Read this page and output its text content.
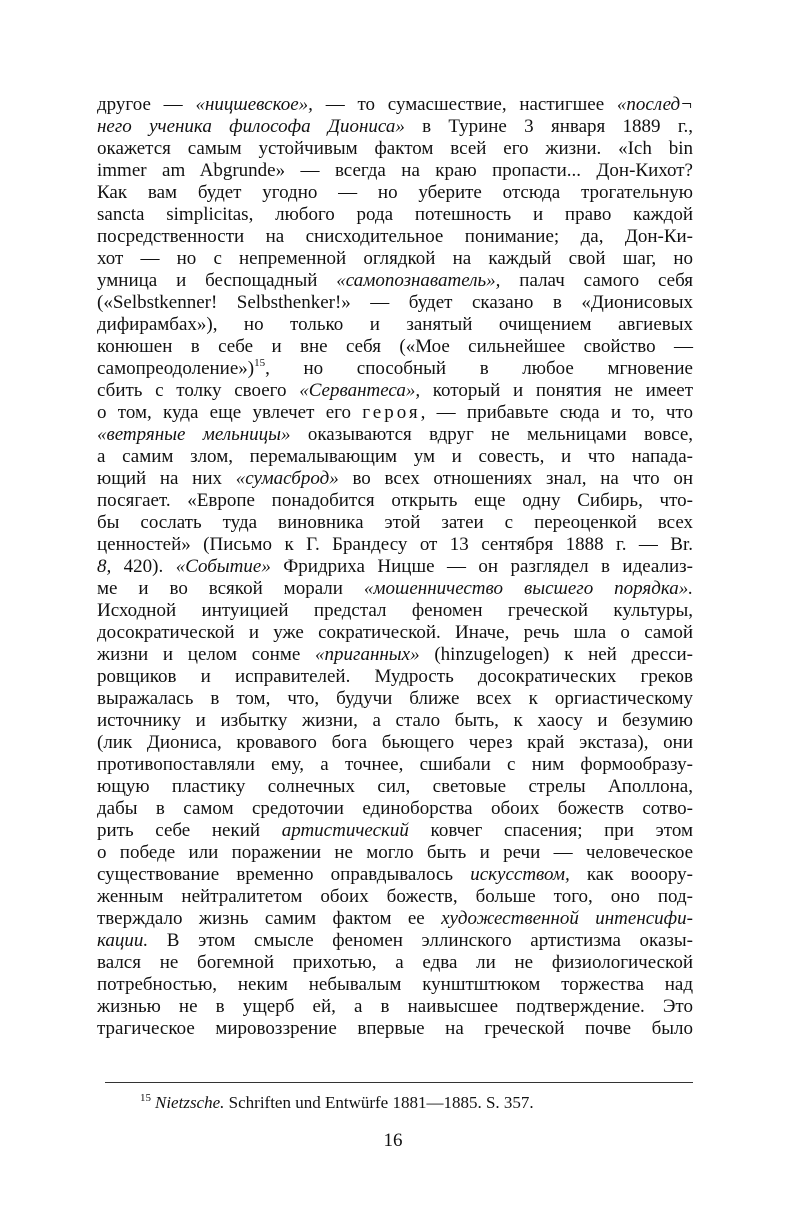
другое — «ницшевское», — то сумасшествие, настигшее «послед¬
него ученика философа Диониса» в Турине 3 января 1889 г.,
окажется самым устойчивым фактом всей его жизни. «Ich bin
immer am Abgrunde» — всегда на краю пропасти... Дон-Кихот?
Как вам будет угодно — но уберите отсюда трогательную
sancta simplicitas, любого рода потешность и право каждой
посредственности на снисходительное понимание; да, Дон-Ки-
хот — но с непременной оглядкой на каждый свой шаг, но
умница и беспощадный «самопознаватель», палач самого себя
(«Selbstkenner! Selbsthenker!» — будет сказано в «Дионисовых
дифирамбах»), но только и занятый очищением авгиевых
конюшен в себе и вне себя («Мое сильнейшее свойство —
самопреодоление»)$^{15}$, но способный в любое мгновение
сбить с толку своего «Сервантеса», который и понятия не имеет
о том, куда еще увлечет его героя, — прибавьте сюда и то, что
«ветряные мельницы» оказываются вдруг не мельницами вовсе,
а самим злом, перемалывающим ум и совесть, и что напада-
ющий на них «сумасброд» во всех отношениях знал, на что он
посягает. «Европе понадобится открыть еще одну Сибирь, что-
бы сослать туда виновника этой затеи с переоценкой всех
ценностей» (Письмо к Г. Брандесу от 13 сентября 1888 г. — Br.
8, 420). «Событие» Фридриха Ницше — он разглядел в идеализ-
ме и во всякой морали «мошенничество высшего порядка».
Исходной интуицией предстал феномен греческой культуры,
досократической и уже сократической. Иначе, речь шла о самой
жизни и целом сонме «приганных» (hinzugelogen) к ней дресси-
ровщиков и исправителей. Мудрость досократических греков
выражалась в том, что, будучи ближе всех к оргиастическому
источнику и избытку жизни, а стало быть, к хаосу и безумию
(лик Диониса, кровавого бога бьющего через край экстаза), они
противопоставляли ему, а точнее, сшибали с ним формообразу-
ющую пластику солнечных сил, световые стрелы Аполлона,
дабы в самом средоточии единоборства обоих божеств сотво-
рить себе некий артистический ковчег спасения; при этом
о победе или поражении не могло быть и речи — человеческое
существование временно оправдывалось искусством, как вооору-
женным нейтралитетом обоих божеств, больше того, оно под-
тверждало жизнь самим фактом ее художественной интенсифи-
кации. В этом смысле феномен эллинского артистизма оказы-
вался не богемной прихотью, а едва ли не физиологической
потребностью, неким небывалым кунштштюком торжества над
жизнью не в ущерб ей, а в наивысшее подтверждение. Это
трагическое мировоззрение впервые на греческой почве было
$^{15}$ Nietzsche. Schriften und Entwürfe 1881—1885. S. 357.
16
